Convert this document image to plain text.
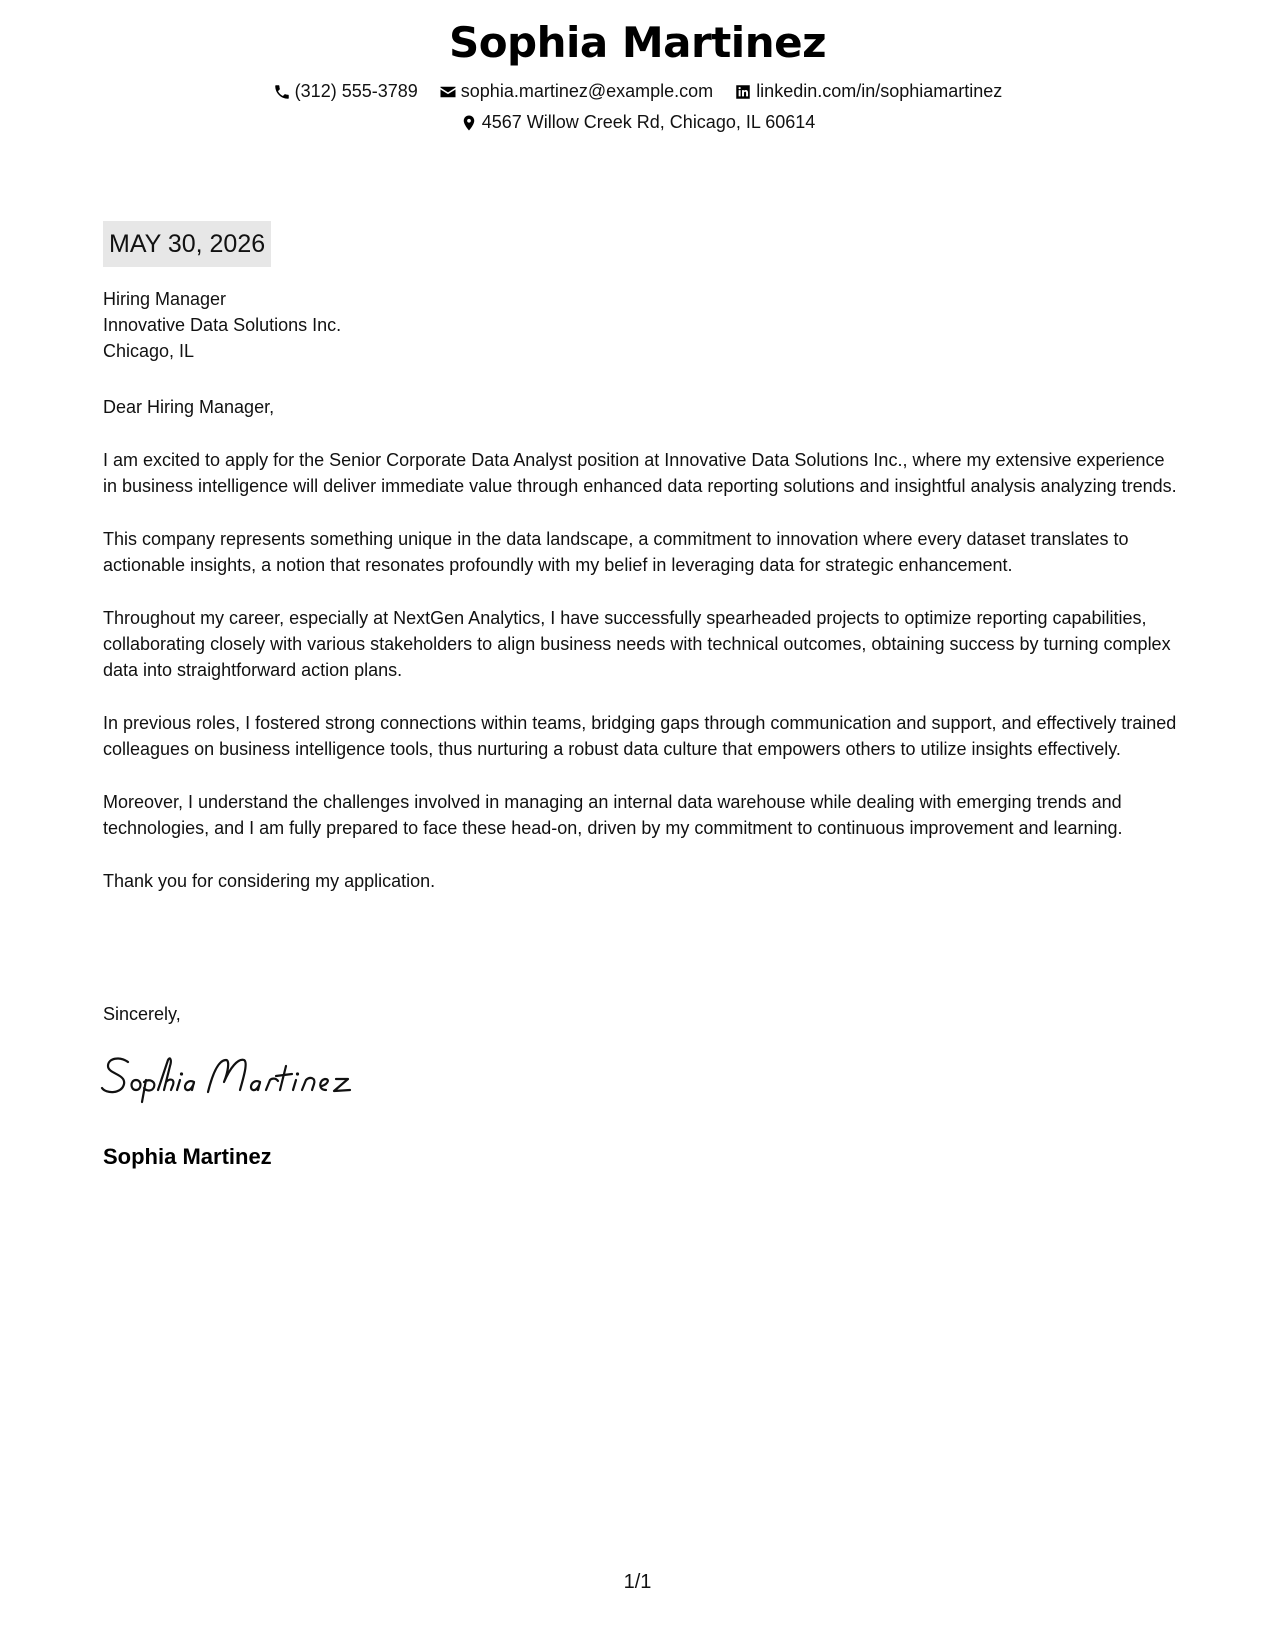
Sophia Martinez
(312) 555-3789
sophia.martinez@example.com
linkedin.com/in/sophiamartinez
4567 Willow Creek Rd, Chicago, IL 60614
MAY 30, 2026
Hiring Manager
Innovative Data Solutions Inc.
Chicago, IL
Dear Hiring Manager,

I am excited to apply for the Senior Corporate Data Analyst position at Innovative Data Solutions Inc., where my extensive experience in business intelligence will deliver immediate value through enhanced data reporting solutions and insightful analysis analyzing trends.

This company represents something unique in the data landscape, a commitment to innovation where every dataset translates to actionable insights, a notion that resonates profoundly with my belief in leveraging data for strategic enhancement.

Throughout my career, especially at NextGen Analytics, I have successfully spearheaded projects to optimize reporting capabilities, collaborating closely with various stakeholders to align business needs with technical outcomes, obtaining success by turning complex data into straightforward action plans.

In previous roles, I fostered strong connections within teams, bridging gaps through communication and support, and effectively trained colleagues on business intelligence tools, thus nurturing a robust data culture that empowers others to utilize insights effectively.

Moreover, I understand the challenges involved in managing an internal data warehouse while dealing with emerging trends and technologies, and I am fully prepared to face these head-on, driven by my commitment to continuous improvement and learning.

Thank you for considering my application.

Sincerely,
Sophia Martinez
1/1
